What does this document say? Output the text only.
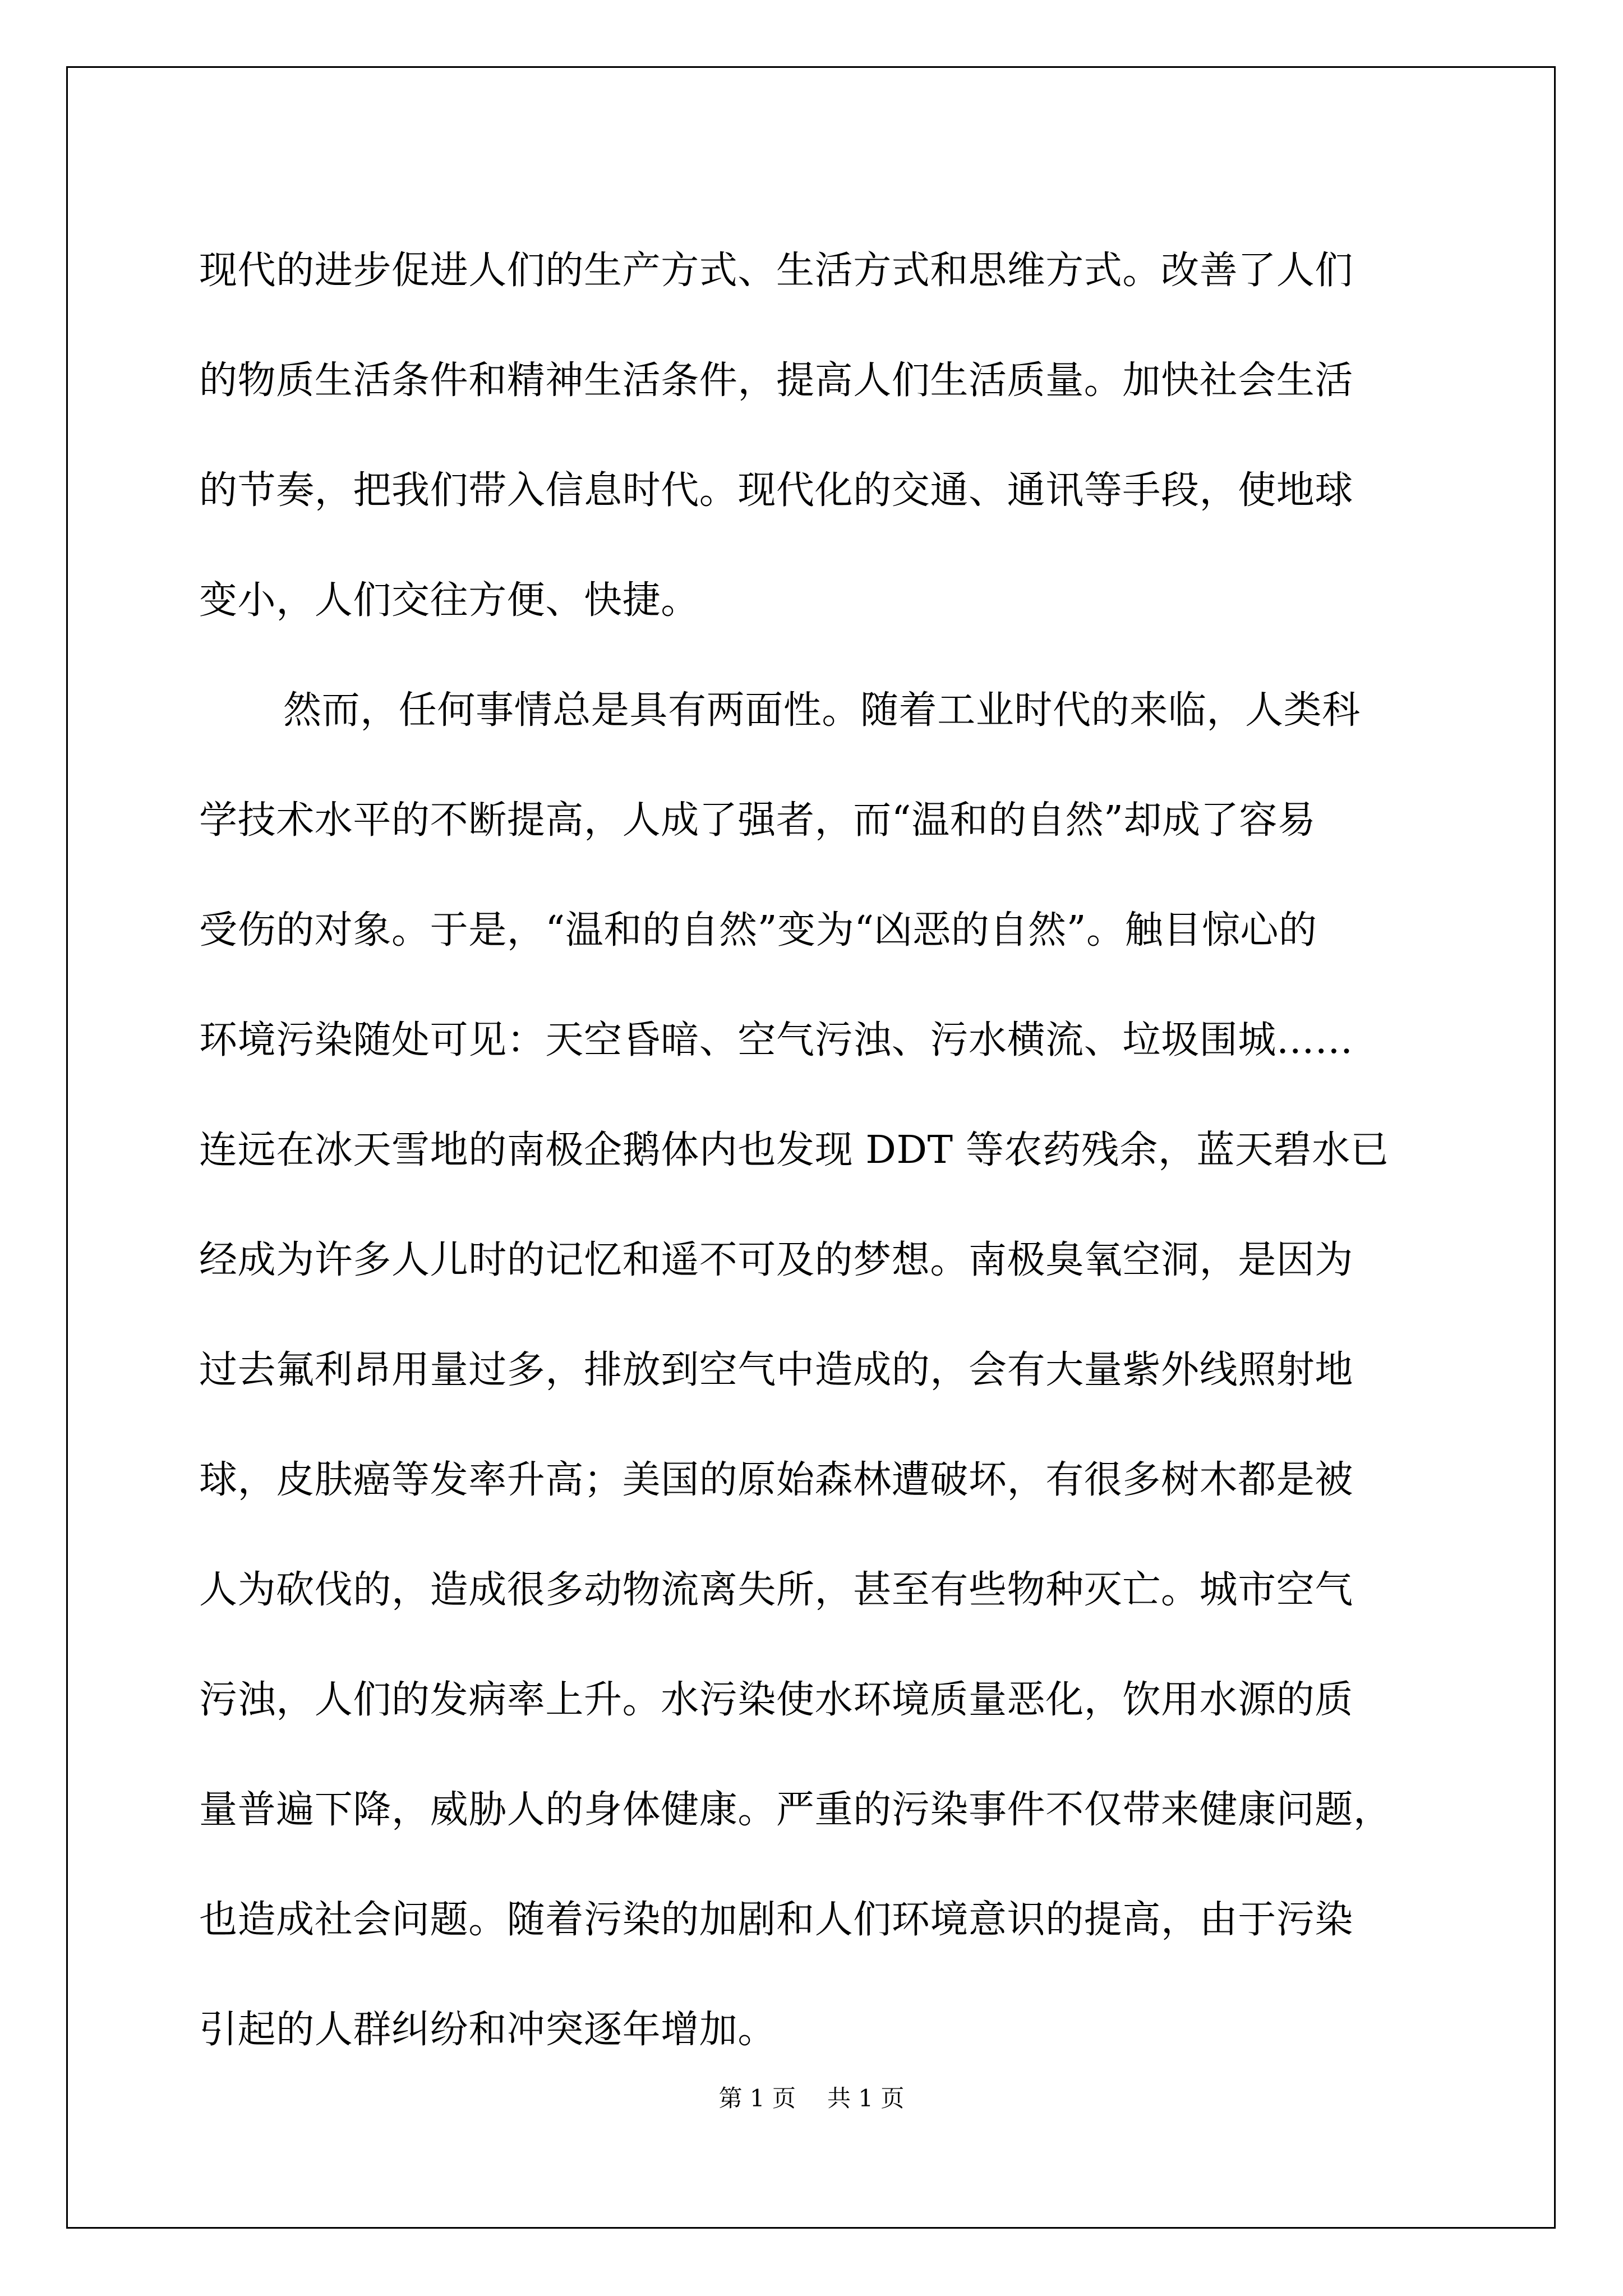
现代的进步促进人们的生产方式、生活方式和思维方式。改善了人们
的物质生活条件和精神生活条件，提高人们生活质量。加快社会生活
的节奏，把我们带入信息时代。现代化的交通、通讯等手段，使地球
变小，人们交往方便、快捷。
然而，任何事情总是具有两面性。随着工业时代的来临，人类科
学技术水平的不断提高，人成了强者，而“温和的自然”却成了容易
受伤的对象。于是，“温和的自然”变为“凶恶的自然”。触目惊心的
环境污染随处可见：天空昏暗、空气污浊、污水横流、垃圾围城……
连远在冰天雪地的南极企鹅体内也发现 DDT 等农药残余，蓝天碧水已
经成为许多人儿时的记忆和遥不可及的梦想。南极臭氧空洞，是因为
过去氟利昂用量过多，排放到空气中造成的，会有大量紫外线照射地
球，皮肤癌等发率升高；美国的原始森林遭破坏，有很多树木都是被
人为砍伐的，造成很多动物流离失所，甚至有些物种灭亡。城市空气
污浊，人们的发病率上升。水污染使水环境质量恶化，饮用水源的质
量普遍下降，威胁人的身体健康。严重的污染事件不仅带来健康问题，
也造成社会问题。随着污染的加剧和人们环境意识的提高，由于污染
引起的人群纠纷和冲突逐年增加。
第 1 页 共 1 页
